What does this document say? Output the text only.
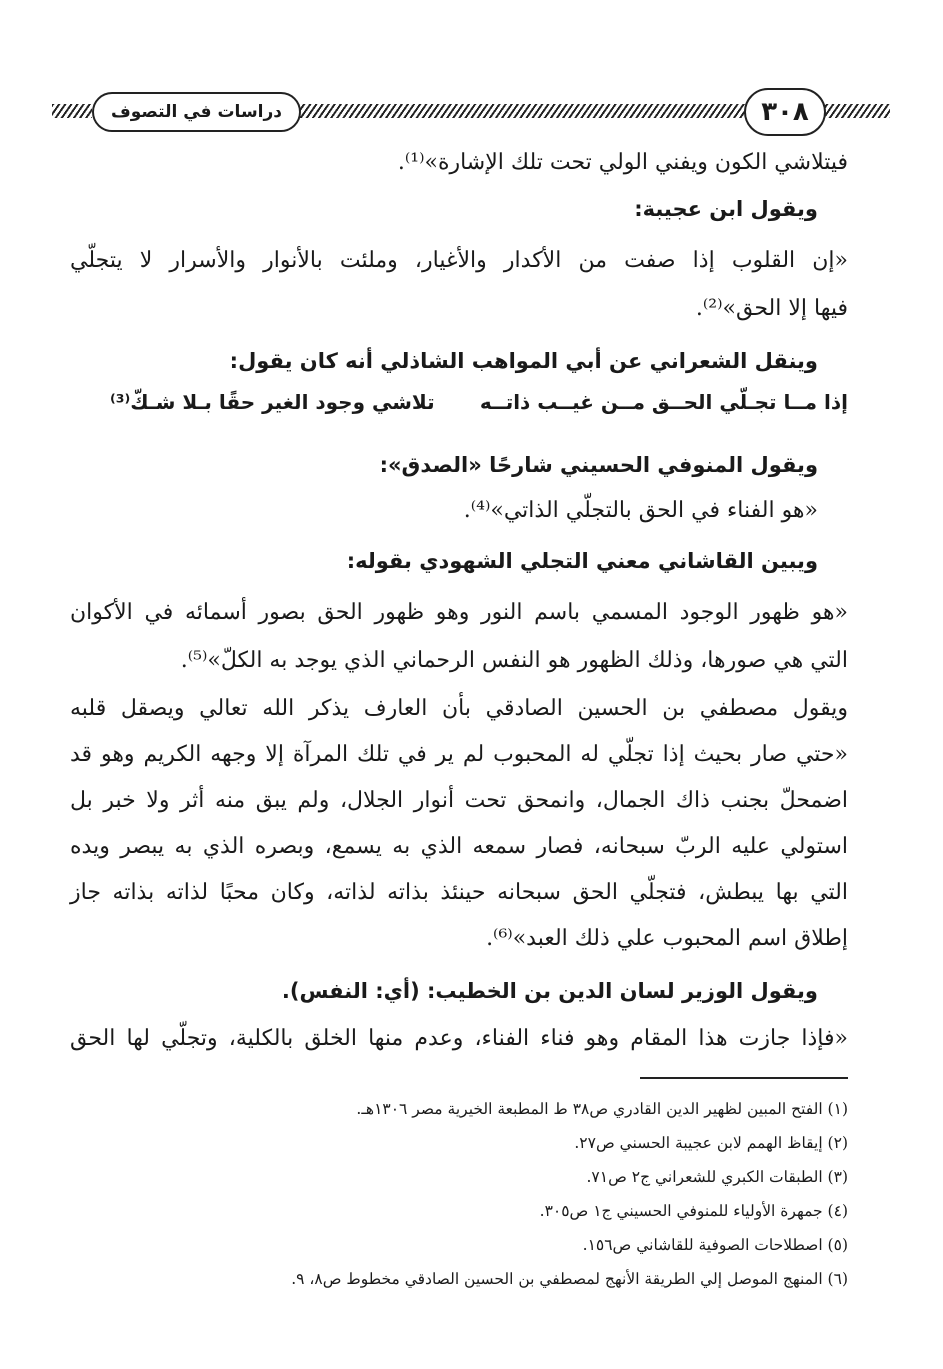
دراسات في التصوف	٣٠٨
فيتلاشي الكون ويفني الولي تحت تلك الإشارة»⁽¹⁾.
ويقول ابن عجيبة:
«إن القلوب إذا صفت من الأكدار والأغيار، وملئت بالأنوار والأسرار لا يتجلّي
فيها إلا الحق»⁽²⁾.
وينقل الشعراني عن أبي المواهب الشاذلي أنه كان يقول:
ويقول المنوفي الحسيني شارحًا «الصدق»:
«هو الفناء في الحق بالتجلّي الذاتي»⁽⁴⁾.
ويبين القاشاني معني التجلي الشهودي بقوله:
«هو ظهور الوجود المسمي باسم النور وهو ظهور الحق بصور أسمائه في الأكوان
التي هي صورها، وذلك الظهور هو النفس الرحماني الذي يوجد به الكلّ»⁽⁵⁾.
ويقول مصطفي بن الحسين الصادقي بأن العارف يذكر الله تعالي ويصقل قلبه
«حتي صار بحيث إذا تجلّي له المحبوب لم ير في تلك المرآة إلا وجهه الكريم وهو قد
اضمحلّ بجنب ذاك الجمال، وانمحق تحت أنوار الجلال، ولم يبق منه أثر ولا خبر بل
استولي عليه الربّ سبحانه، فصار سمعه الذي به يسمع، وبصره الذي به يبصر ويده
التي بها يبطش، فتجلّي الحق سبحانه حينئذ بذاته لذاته، وكان محبًا لذاته بذاته جاز
إطلاق اسم المحبوب علي ذلك العبد»⁽⁶⁾.
ويقول الوزير لسان الدين بن الخطيب: (أي: النفس).
«فإذا جازت هذا المقام وهو فناء الفناء، وعدم منها الخلق بالكلية، وتجلّي لها الحق
إذا مــا تجـلّي الحــق مــن غيــب ذاتــه
تلاشي وجود الغير حقًا بـلا شـكّ⁽³⁾
(١) الفتح المبين لظهير الدين القادري ص٣٨ ط المطبعة الخيرية مصر ١٣٠٦هـ.
(٢) إيقاظ الهمم لابن عجيبة الحسني ص٢٧.
(٣) الطبقات الكبري للشعراني ج٢ ص٧١.
(٤) جمهرة الأولياء للمنوفي الحسيني ج١ ص٣٠٥.
(٥) اصطلاحات الصوفية للقاشاني ص١٥٦.
(٦) المنهج الموصل إلي الطريقة الأنهج لمصطفي بن الحسين الصادقي مخطوط ص٨، ٩.
